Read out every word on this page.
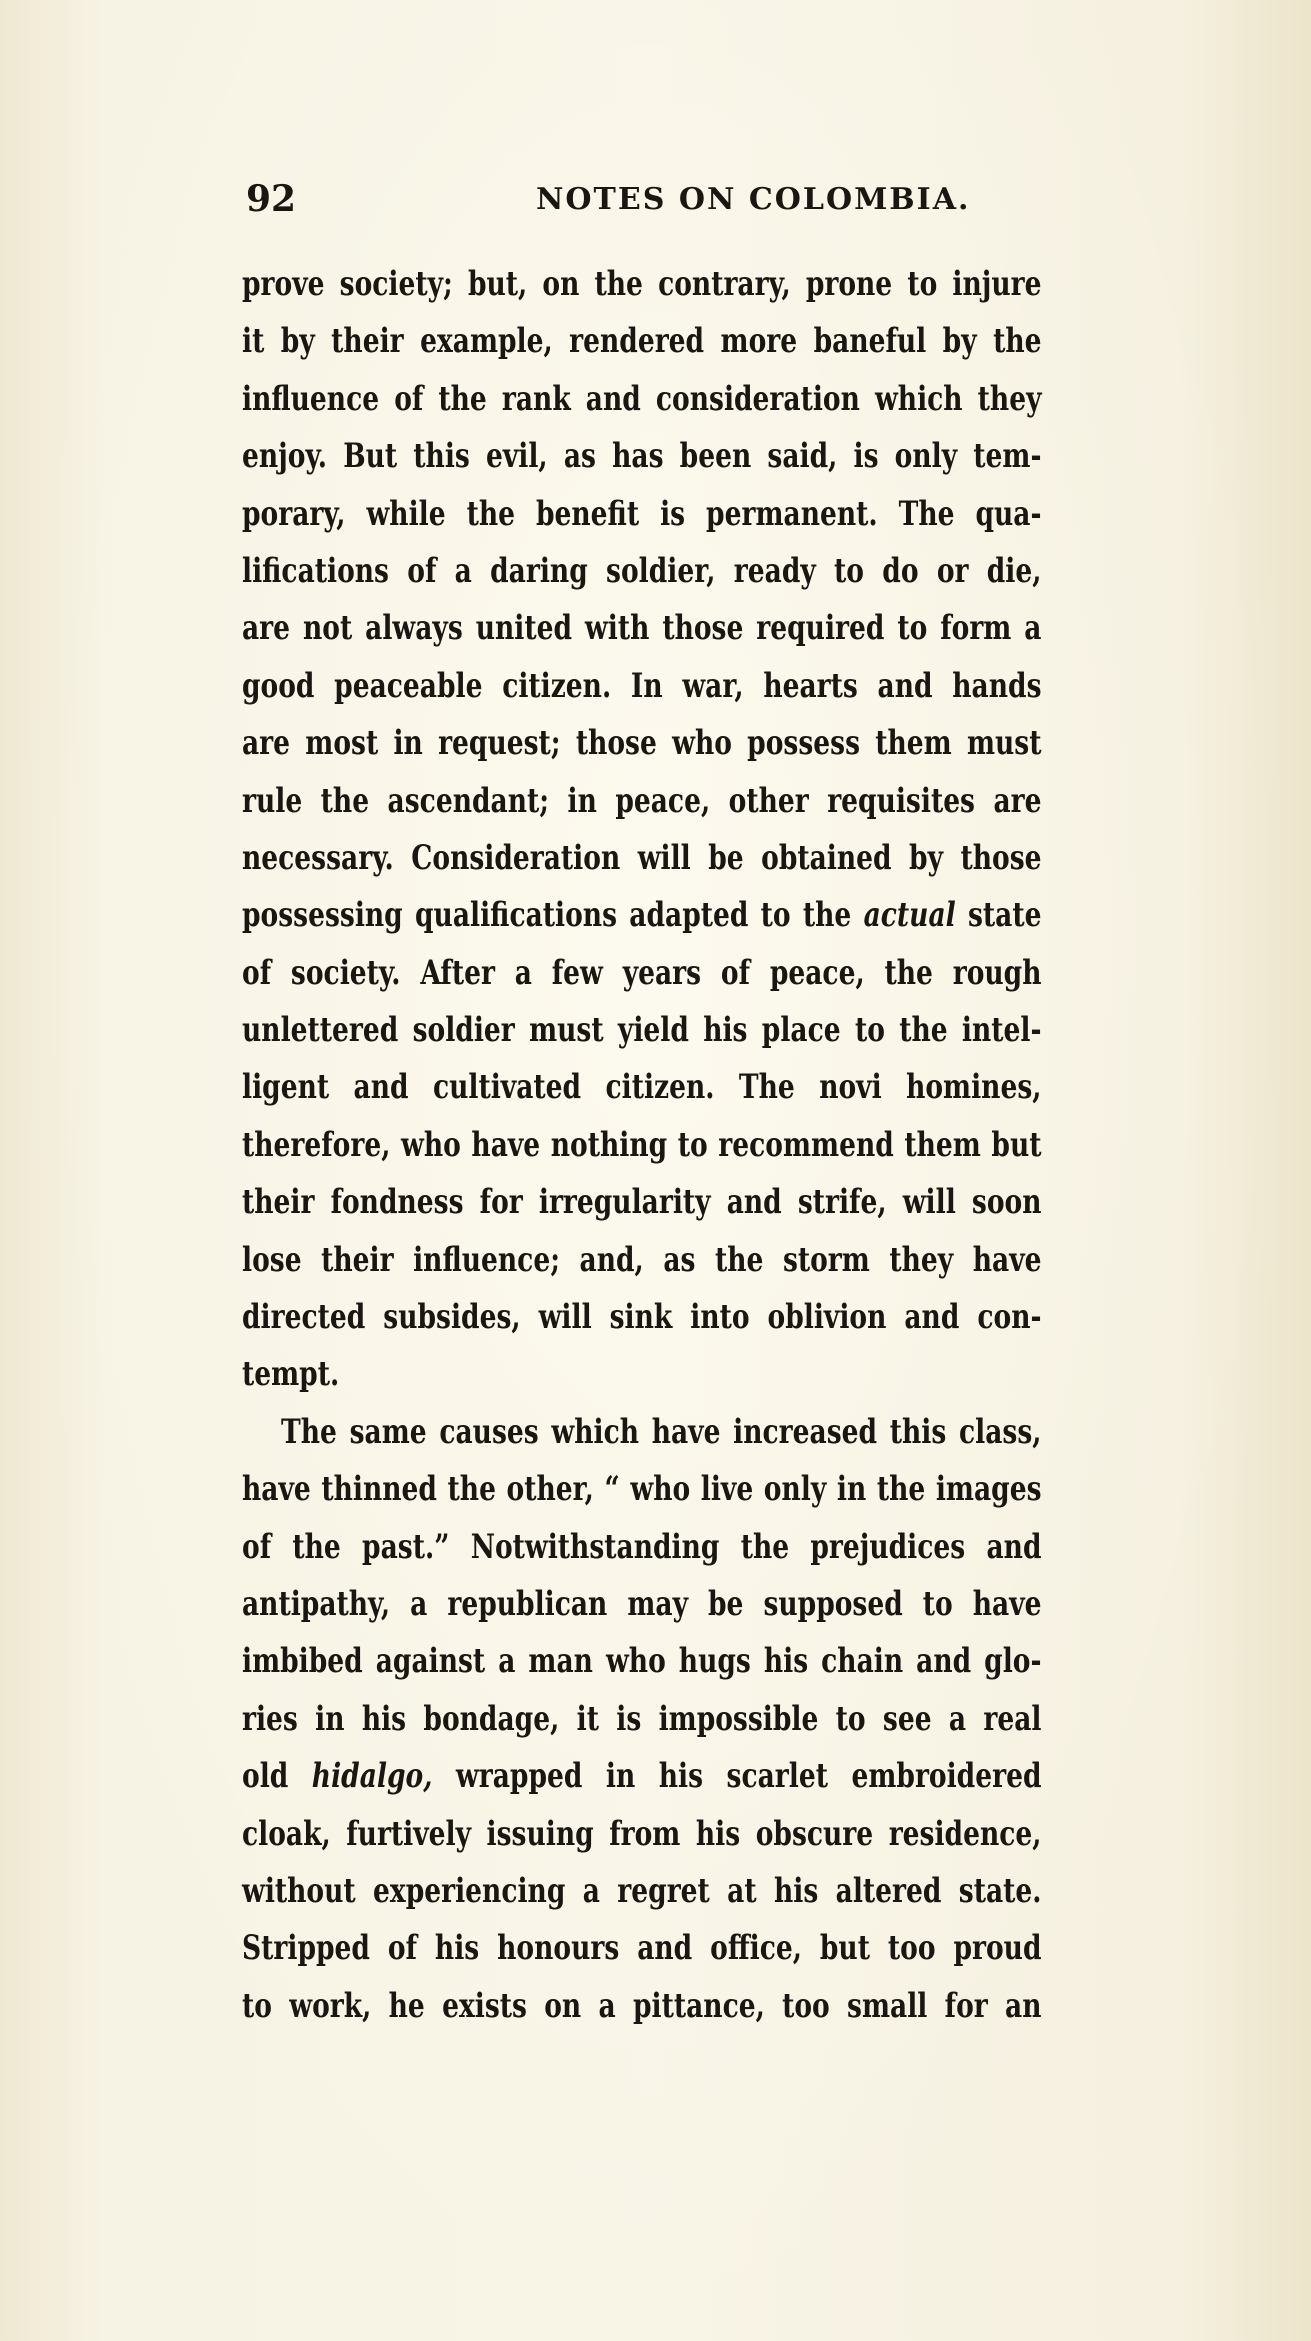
92	NOTES ON COLOMBIA.
prove society; but, on the contrary, prone to injure
it by their example, rendered more baneful by the
influence of the rank and consideration which they
enjoy. But this evil, as has been said, is only tem-
porary, while the benefit is permanent. The qua-
lifications of a daring soldier, ready to do or die,
are not always united with those required to form a
good peaceable citizen. In war, hearts and hands
are most in request; those who possess them must
rule the ascendant; in peace, other requisites are
necessary. Consideration will be obtained by those
possessing qualifications adapted to the actual state
of society. After a few years of peace, the rough
unlettered soldier must yield his place to the intel-
ligent and cultivated citizen. The novi homines,
therefore, who have nothing to recommend them but
their fondness for irregularity and strife, will soon
lose their influence; and, as the storm they have
directed subsides, will sink into oblivion and con-
tempt.
The same causes which have increased this class,
have thinned the other, “ who live only in the images
of the past.” Notwithstanding the prejudices and
antipathy, a republican may be supposed to have
imbibed against a man who hugs his chain and glo-
ries in his bondage, it is impossible to see a real
old hidalgo, wrapped in his scarlet embroidered
cloak, furtively issuing from his obscure residence,
without experiencing a regret at his altered state.
Stripped of his honours and office, but too proud
to work, he exists on a pittance, too small for an
